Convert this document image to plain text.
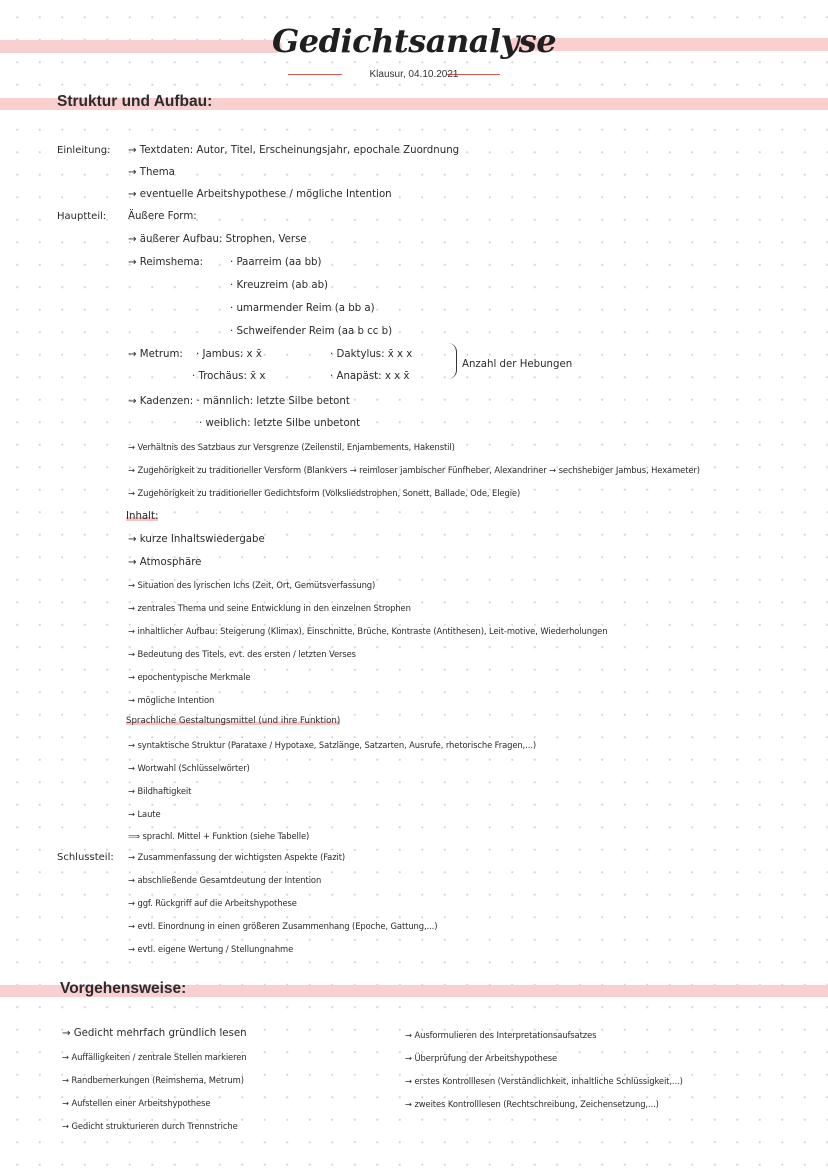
Gedichtsanalyse
Klausur, 04.10.2021
Struktur und Aufbau:
Einleitung: → Textdaten: Autor, Titel, Erscheinungsjahr, epochale Zuordnung
→ Thema
→ eventuelle Arbeitshypothese / mögliche Intention
Hauptteil: Äußere Form:
→ äußerer Aufbau: Strophen, Verse
→ Reimshema:	· Paarreim (aa bb)
· Kreuzreim (ab ab)
· umarmender Reim (a bb a)
· Schweifender Reim (aa b cc b)
→ Metrum: · Jambus: x x̄
· Trochäus: x̄ x
· Daktylus: x̄ x x
· Anapäst: x x x̄
Anzahl der Hebungen
→ Kadenzen: · männlich: letzte Silbe betont
· weiblich: letzte Silbe unbetont
→ Verhältnis des Satzbaus zur Versgrenze (Zeilenstil, Enjambements, Hakenstil)
→ Zugehörigkeit zu traditioneller Versform (Blankvers → reimloser jambischer Fünfheber, Alexandriner → sechshebiger Jambus, Hexameter)
→ Zugehörigkeit zu traditioneller Gedichtsform (Volksliedstrophen, Sonett, Ballade, Ode, Elegie)
Inhalt:
→ kurze Inhaltswiedergabe
→ Atmosphäre
→ Situation des lyrischen Ichs (Zeit, Ort, Gemütsverfassung)
→ zentrales Thema und seine Entwicklung in den einzelnen Strophen
→ inhaltlicher Aufbau: Steigerung (Klimax), Einschnitte, Brüche, Kontraste (Antithesen), Leit-motive, Wiederholungen
→ Bedeutung des Titels, evt. des ersten / letzten Verses
→ epochentypische Merkmale
→ mögliche Intention
Sprachliche Gestaltungsmittel (und ihre Funktion)
→ syntaktische Struktur (Parataxe / Hypotaxe, Satzlänge, Satzarten, Ausrufe, rhetorische Fragen,...)
→ Wortwahl (Schlüsselwörter)
→ Bildhaftigkeit
→ Laute
⟹ sprachl. Mittel + Funktion (siehe Tabelle)
Schlussteil: → Zusammenfassung der wichtigsten Aspekte (Fazit)
→ abschließende Gesamtdeutung der Intention
→ ggf. Rückgriff auf die Arbeitshypothese
→ evtl. Einordnung in einen größeren Zusammenhang (Epoche, Gattung,...)
→ evtl. eigene Wertung / Stellungnahme
Vorgehensweise:
→ Gedicht mehrfach gründlich lesen
→ Auffälligkeiten / zentrale Stellen markieren
→ Randbemerkungen (Reimshema, Metrum)
→ Aufstellen einer Arbeitshypothese
→ Gedicht strukturieren durch Trennstriche
→ Ausformulieren des Interpretationsaufsatzes
→ Überprüfung der Arbeitshypothese
→ erstes Kontrolllesen (Verständlichkeit, inhaltliche Schlüssigkeit,...)
→ zweites Kontrolllesen (Rechtschreibung, Zeichensetzung,...)
